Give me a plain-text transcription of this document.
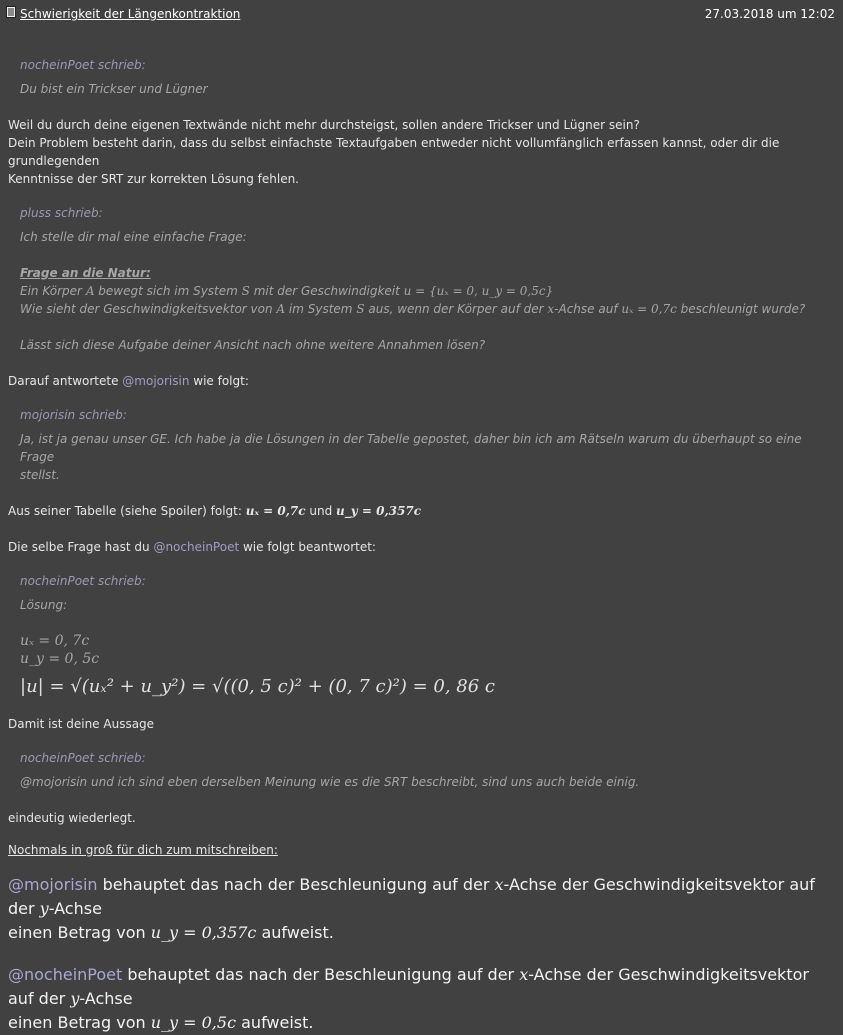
Schwierigkeit der Längenkontraktion	27.03.2018 um 12:02
nocheinPoet schrieb:
Du bist ein Trickser und Lügner
Weil du durch deine eigenen Textwände nicht mehr durchsteigst, sollen andere Trickser und Lügner sein?
Dein Problem besteht darin, dass du selbst einfachste Textaufgaben entweder nicht vollumfänglich erfassen kannst, oder dir die grundlegenden
Kenntnisse der SRT zur korrekten Lösung fehlen.
pluss schrieb:
Ich stelle dir mal eine einfache Frage:
Frage an die Natur:
Ein Körper A bewegt sich im System S mit der Geschwindigkeit u = {uₓ = 0, u_y = 0,5c}
Wie sieht der Geschwindigkeitsvektor von A im System S aus, wenn der Körper auf der x-Achse auf uₓ = 0,7c beschleunigt wurde?
Lässt sich diese Aufgabe deiner Ansicht nach ohne weitere Annahmen lösen?
Darauf antwortete @mojorisin wie folgt:
mojorisin schrieb:
Ja, ist ja genau unser GE. Ich habe ja die Lösungen in der Tabelle gepostet, daher bin ich am Rätseln warum du überhaupt so eine Frage
stellst.
Aus seiner Tabelle (siehe Spoiler) folgt: uₓ = 0,7c und u_y = 0,357c
Die selbe Frage hast du @nocheinPoet wie folgt beantwortet:
nocheinPoet schrieb:
Lösung:
uₓ = 0, 7c
u_y = 0, 5c
|u| = √(uₓ² + u_y²) = √((0, 5 c)² + (0, 7 c)²) = 0, 86 c
Damit ist deine Aussage
nocheinPoet schrieb:
@mojorisin und ich sind eben derselben Meinung wie es die SRT beschreibt, sind uns auch beide einig.
eindeutig wiederlegt.
Nochmals in groß für dich zum mitschreiben:
@mojorisin behauptet das nach der Beschleunigung auf der x-Achse der Geschwindigkeitsvektor auf der y-Achse
einen Betrag von u_y = 0,357c aufweist.
@nocheinPoet behauptet das nach der Beschleunigung auf der x-Achse der Geschwindigkeitsvektor auf der y-Achse
einen Betrag von u_y = 0,5c aufweist.
